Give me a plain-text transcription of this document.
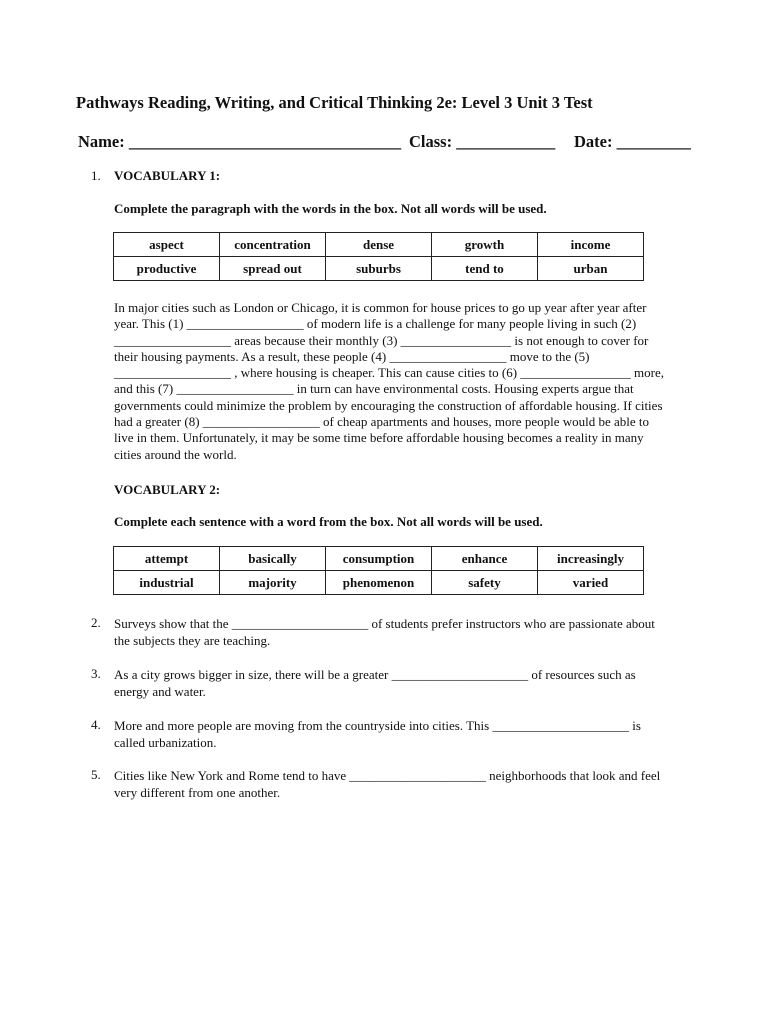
Pathways Reading, Writing, and Critical Thinking 2e: Level 3 Unit 3 Test
Name: _________________________________ Class: ____________ Date: _________
1. VOCABULARY 1:
Complete the paragraph with the words in the box. Not all words will be used.
aspect	concentration	dense	growth	income
productive	spread out	suburbs	tend to	urban
In major cities such as London or Chicago, it is common for house prices to go up year after year after
year. This (1) __________________ of modern life is a challenge for many people living in such (2)
__________________ areas because their monthly (3) _________________ is not enough to cover for
their housing payments. As a result, these people (4) __________________ move to the (5)
__________________ , where housing is cheaper. This can cause cities to (6) _________________ more,
and this (7) __________________ in turn can have environmental costs. Housing experts argue that
governments could minimize the problem by encouraging the construction of affordable housing. If cities
had a greater (8) __________________ of cheap apartments and houses, more people would be able to
live in them. Unfortunately, it may be some time before affordable housing becomes a reality in many
cities around the world.
VOCABULARY 2:
Complete each sentence with a word from the box. Not all words will be used.
attempt	basically	consumption	enhance	increasingly
industrial	majority	phenomenon	safety	varied
2. Surveys show that the _____________________ of students prefer instructors who are passionate about
the subjects they are teaching.
3. As a city grows bigger in size, there will be a greater _____________________ of resources such as
energy and water.
4. More and more people are moving from the countryside into cities. This _____________________ is
called urbanization.
5. Cities like New York and Rome tend to have _____________________ neighborhoods that look and feel
very different from one another.
